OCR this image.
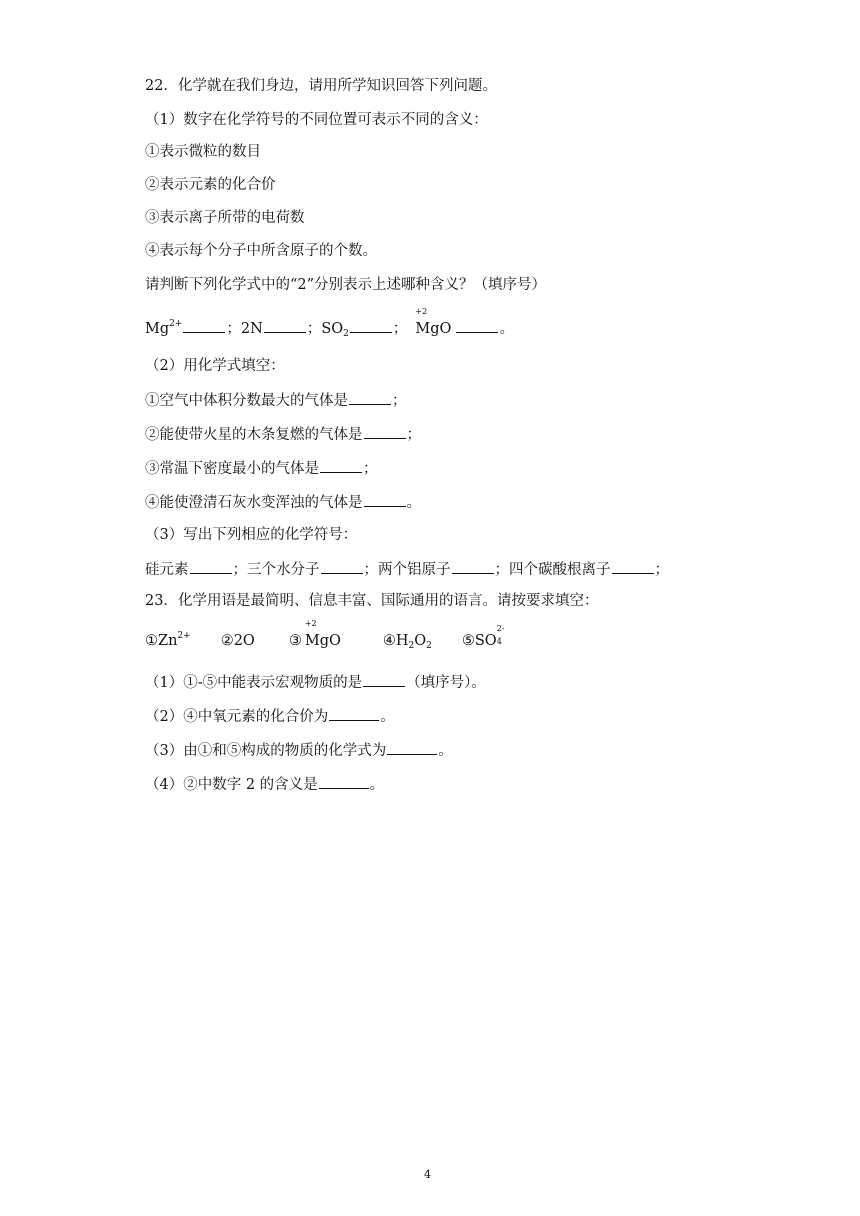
22．化学就在我们身边，请用所学知识回答下列问题。
（1）数字在化学符号的不同位置可表示不同的含义：
①表示微粒的数目
②表示元素的化合价
③表示离子所带的电荷数
④表示每个分子中所含原子的个数。
请判断下列化学式中的“2”分别表示上述哪种含义？（填序号）
$Mg^{2+}$	；2N	；$SO_2$	；
+2
MgO	。
（2）用化学式填空：
①空气中体积分数最大的气体是	；
②能使带火星的木条复燃的气体是	；
③常温下密度最小的气体是	；
④能使澄清石灰水变浑浊的气体是	。
（3）写出下列相应的化学符号：
硅元素	；三个水分子	；两个铝原子	；四个碳酸根离子	；
23．化学用语是最简明、信息丰富、国际通用的语言。请按要求填空：
$①Zn^{2+}$ ②2O ③
+2
MgO	$④H_2O_2$ ⑤SO
2-
4
（1）①-⑤中能表示宏观物质的是	（填序号）。
（2）④中氧元素的化合价为	。
（3）由①和⑤构成的物质的化学式为	。
（4）②中数字 2 的含义是	。
4
